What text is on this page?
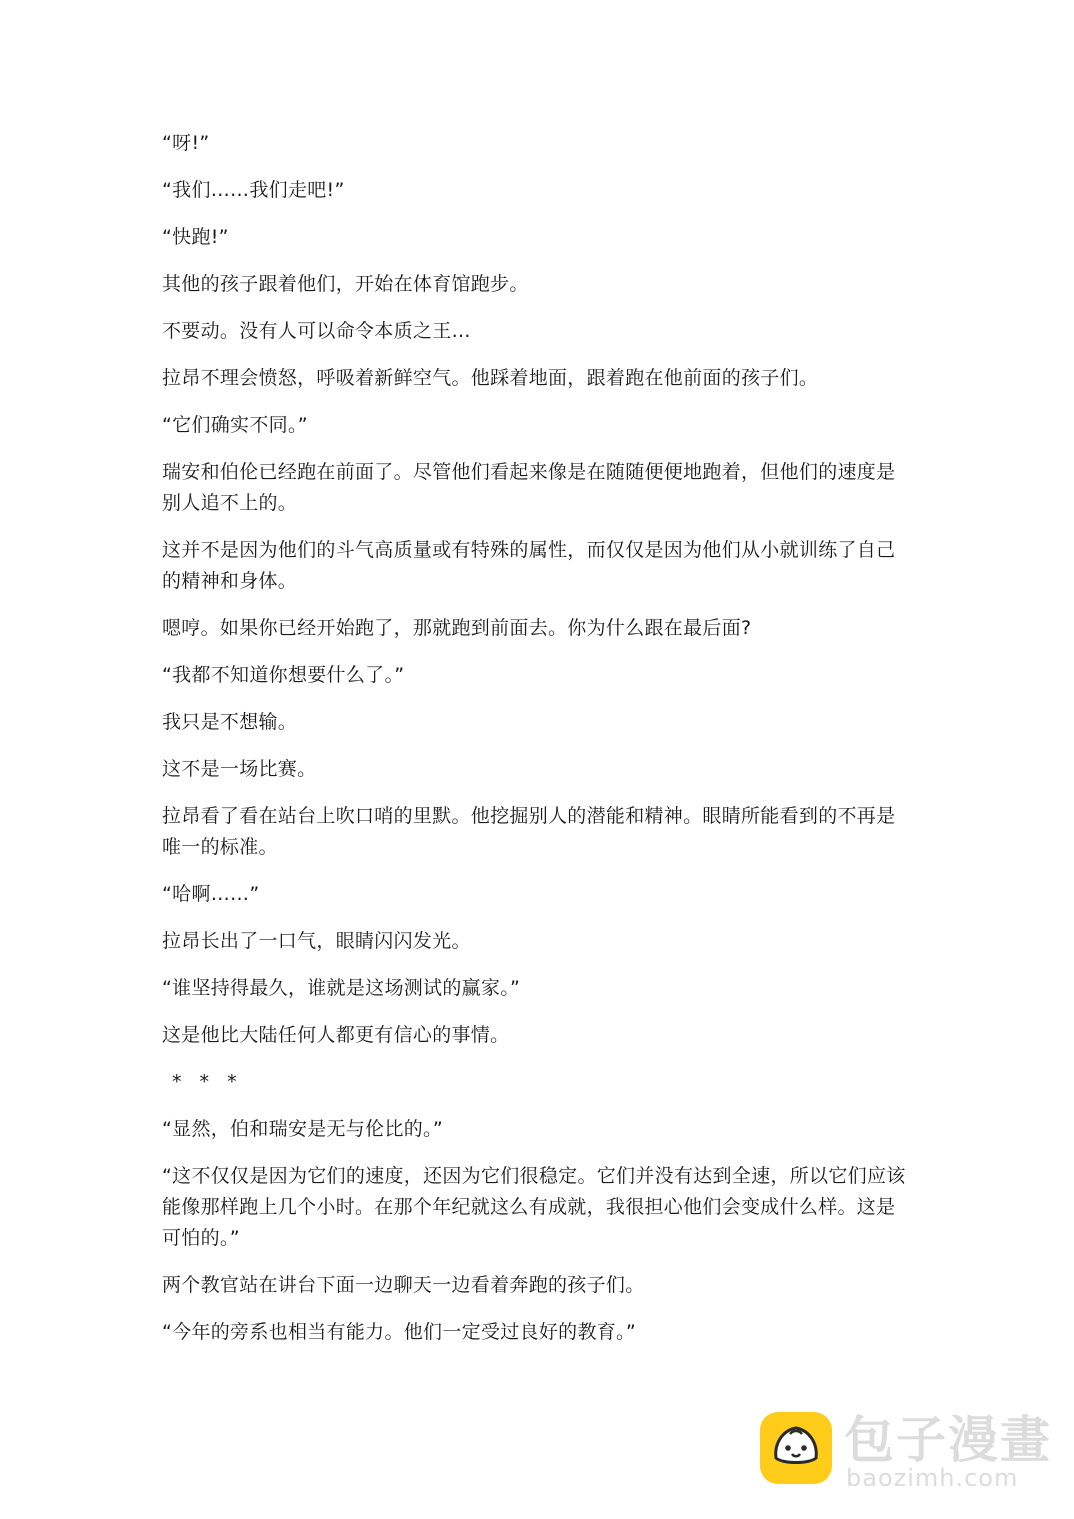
“呀!”

“我们……我们走吧!”

“快跑!”

其他的孩子跟着他们，开始在体育馆跑步。

不要动。没有人可以命令本质之王…

拉昂不理会愤怒，呼吸着新鲜空气。他踩着地面，跟着跑在他前面的孩子们。

“它们确实不同。”

瑞安和伯伦已经跑在前面了。尽管他们看起来像是在随随便便地跑着，但他们的速度是别人追不上的。

这并不是因为他们的斗气高质量或有特殊的属性，而仅仅是因为他们从小就训练了自己的精神和身体。

嗯哼。如果你已经开始跑了，那就跑到前面去。你为什么跟在最后面?

“我都不知道你想要什么了。”

我只是不想输。

这不是一场比赛。

拉昂看了看在站台上吹口哨的里默。他挖掘别人的潜能和精神。眼睛所能看到的不再是唯一的标准。

“哈啊……”

拉昂长出了一口气，眼睛闪闪发光。

“谁坚持得最久，谁就是这场测试的赢家。”

这是他比大陆任何人都更有信心的事情。

* * *

“显然，伯和瑞安是无与伦比的。”

“这不仅仅是因为它们的速度，还因为它们很稳定。它们并没有达到全速，所以它们应该能像那样跑上几个小时。在那个年纪就这么有成就，我很担心他们会变成什么样。这是可怕的。”

两个教官站在讲台下面一边聊天一边看着奔跑的孩子们。

“今年的旁系也相当有能力。他们一定受过良好的教育。”

包子漫畫
baozimh.com
